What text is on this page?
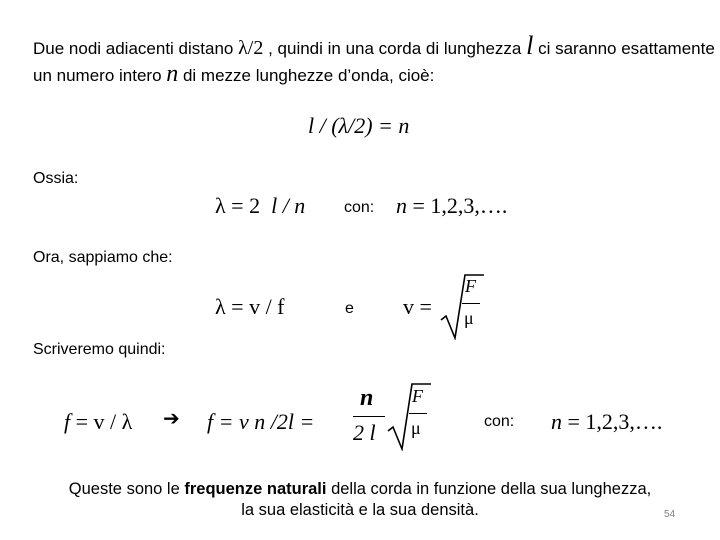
Due nodi adiacenti distano λ/2 , quindi in una corda di lunghezza l ci saranno esattamente
un numero intero n di mezze lunghezze d’onda, cioè:
l / (λ/2) = n
Ossia:
λ = 2 l / n con: n = 1,2,3,….
Ora, sappiamo che:
λ = v / f	e v =
F
μ
Scriveremo quindi:
f = v / λ ➔ f = v n /2l =
n
2 l
F
μ	con: n = 1,2,3,….
Queste sono le frequenze naturali della corda in funzione della sua lunghezza,
la sua elasticità e la sua densità.	54
